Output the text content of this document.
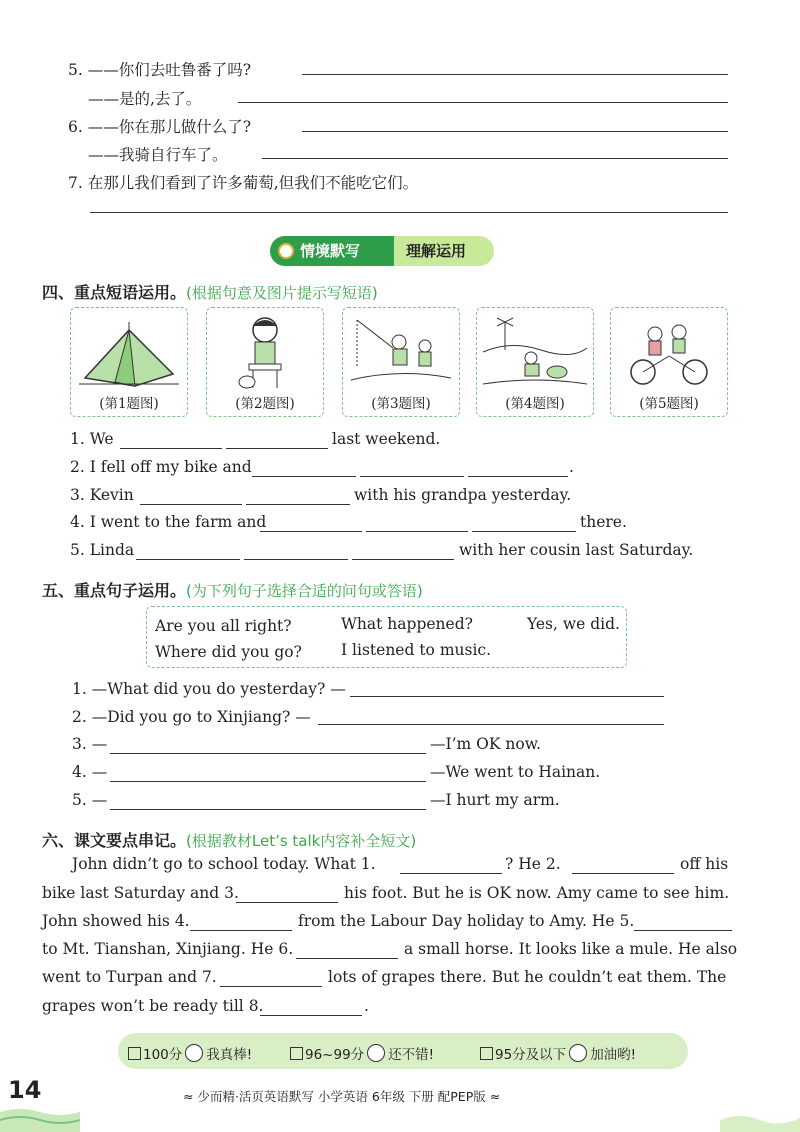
5. ——你们去吐鲁番了吗?
——是的,去了。
6. ——你在那儿做什么了?
——我骑自行车了。
7. 在那儿我们看到了许多葡萄,但我们不能吃它们。
情境默写	理解运用
四、重点短语运用。(根据句意及图片提示写短语)
(第1题图)	(第2题图)	(第3题图)	(第4题图)	(第5题图)
1. We	last weekend.
2. I fell off my bike and	.
3. Kevin	with his grandpa yesterday.
4. I went to the farm and	there.
5. Linda	with her cousin last Saturday.
五、重点句子运用。(为下列句子选择合适的问句或答语)
Are you all right?	What happened?	Yes, we did.
Where did you go?	I listened to music.
1. —What did you do yesterday? —
2. —Did you go to Xinjiang? —
3. —	—I’m OK now.
4. —	—We went to Hainan.
5. —	—I hurt my arm.
六、课文要点串记。(根据教材Let’s talk内容补全短文)
John didn’t go to school today. What 1.	? He 2.	off his
bike last Saturday and 3.	his foot. But he is OK now. Amy came to see him.
John showed his 4.	from the Labour Day holiday to Amy. He 5.
to Mt. Tianshan, Xinjiang. He 6.	a small horse. It looks like a mule. He also
went to Turpan and 7.	lots of grapes there. But he couldn’t eat them. The
grapes won’t be ready till 8.	.
100分 我真棒!	96~99分 还不错!	95分及以下 加油哟!
14	≈ 少而精·活页英语默写 小学英语 6年级 下册 配PEP版 ≈
